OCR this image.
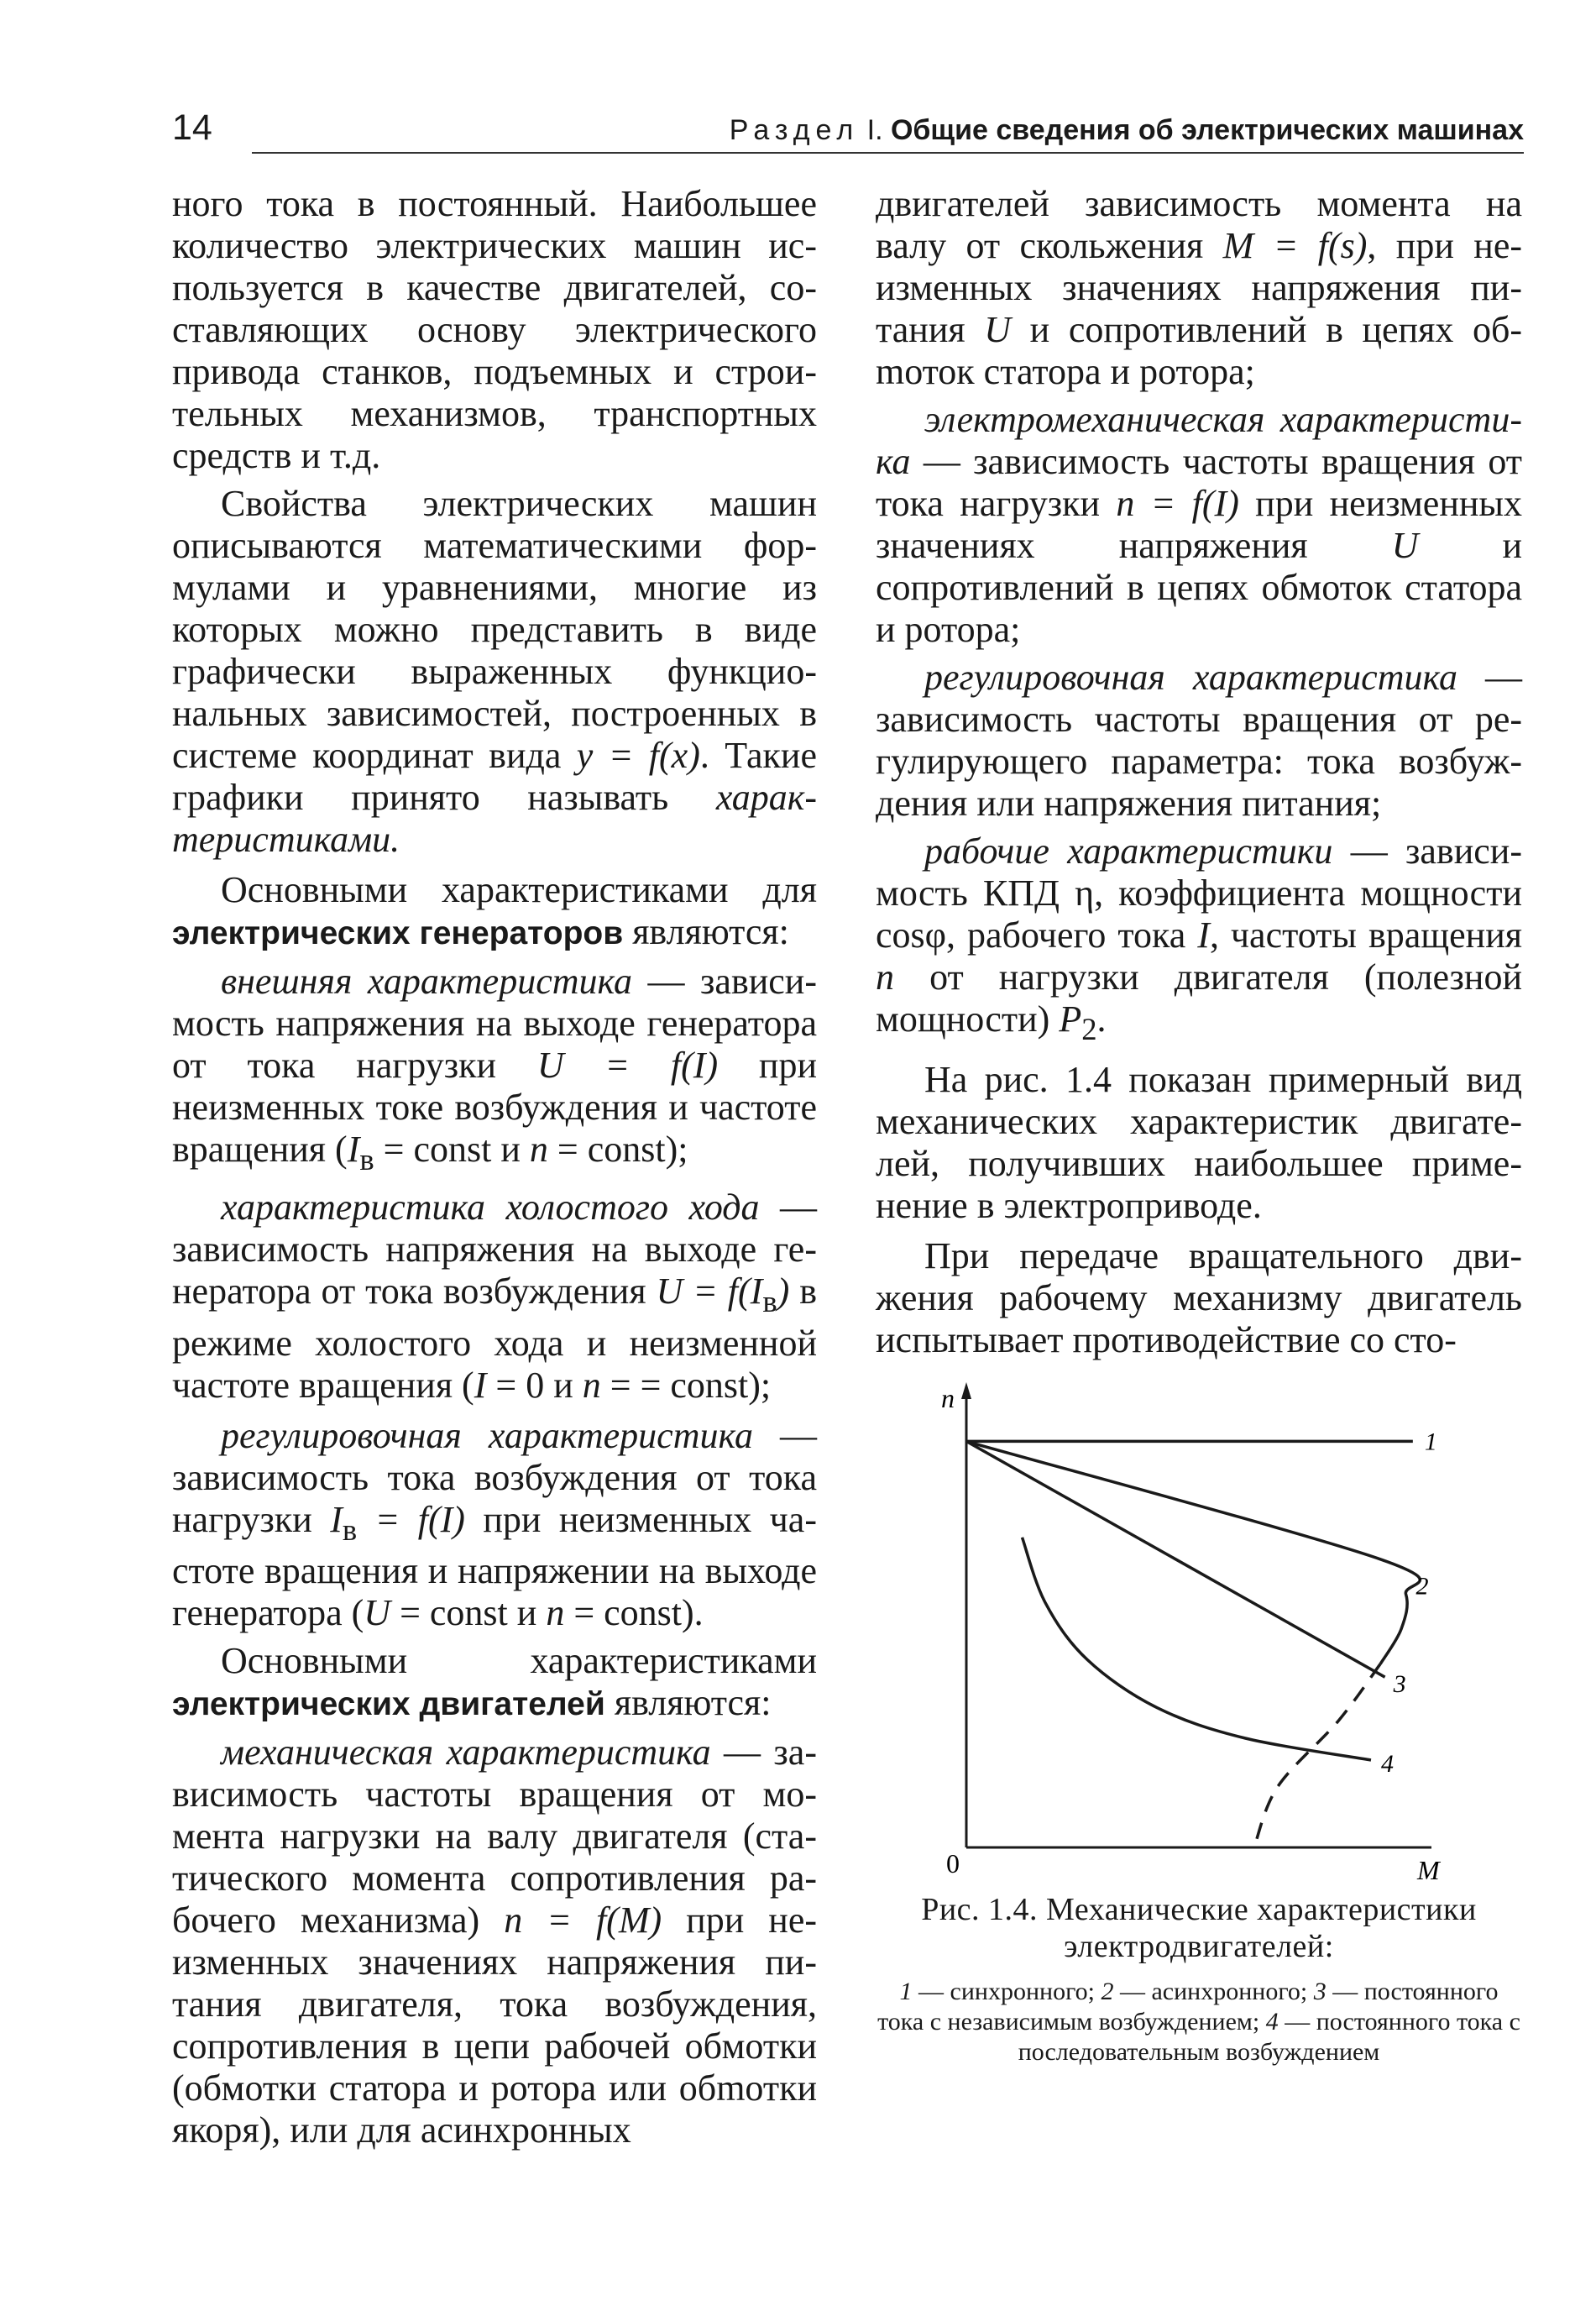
14	Раздел I. Общие сведения об электрических машинах

ного тока в постоянный. Наибольшее количество электрических машин используется в качестве двигателей, составляющих основу электрического привода станков, подъемных и строительных механизмов, транспортных средств и т.д.

Свойства электрических машин описываются математическими формулами и уравнениями, многие из которых можно представить в виде графически выраженных функциональных зависимостей, построенных в системе координат вида y = f(x). Такие графики принято называть характеристиками.

Основными характеристиками для электрических генераторов являются:

внешняя характеристика — зависимость напряжения на выходе генератора от тока нагрузки U = f(I) при неизменных токе возбуждения и частоте вращения ($I_в$ = const и n = const);

характеристика холостого хода — зависимость напряжения на выходе генератора от тока возбуждения $U = f(I_в)$ в режиме холостого хода и неизменной частоте вращения (I = 0 и n = = const);

регулировочная характеристика — зависимость тока возбуждения от тока нагрузки $I_в = f(I)$ при неизменных частоте вращения и напряжении на выходе генератора (U = const и n = const).

Основными характеристиками электрических двигателей являются:

механическая характеристика — зависимость частоты вращения от момента нагрузки на валу двигателя (статического момента сопротивления рабочего механизма) n = f(M) при неизменных значениях напряжения питания двигателя, тока возбуждения, сопротивления в цепи рабочей обмотки (обмотки статора и ротора или обmотки якоря), или для асинхронных

двигателей зависимость момента на валу от скольжения M = f(s), при неизменных значениях напряжения питания U и сопротивлений в цепях обmоток статора и ротора;

электромеханическая характеристика — зависимость частоты вращения от тока нагрузки n = f(I) при неизменных значениях напряжения U и сопротивлений в цепях обмоток статора и ротора;

регулировочная характеристика — зависимость частоты вращения от регулирующего параметра: тока возбуждения или напряжения питания;

рабочие характеристики — зависимость КПД η, коэффициента мощности cosφ, рабочего тока I, частоты вращения n от нагрузки двигателя (полезной мощности) $P_2$.

На рис. 1.4 показан примерный вид механических характеристик двигателей, получивших наибольшее применение в электроприводе.

При передаче вращательного движения рабочему механизму двигатель испытывает противодействие со сто-

n
M
0
1
2
3
4
Рис. 1.4. Механические характеристики электродвигателей:
1 — синхронного; 2 — асинхронного; 3 — постоянного тока с независимым возбуждением; 4 — постоянного тока с последовательным возбуждением
